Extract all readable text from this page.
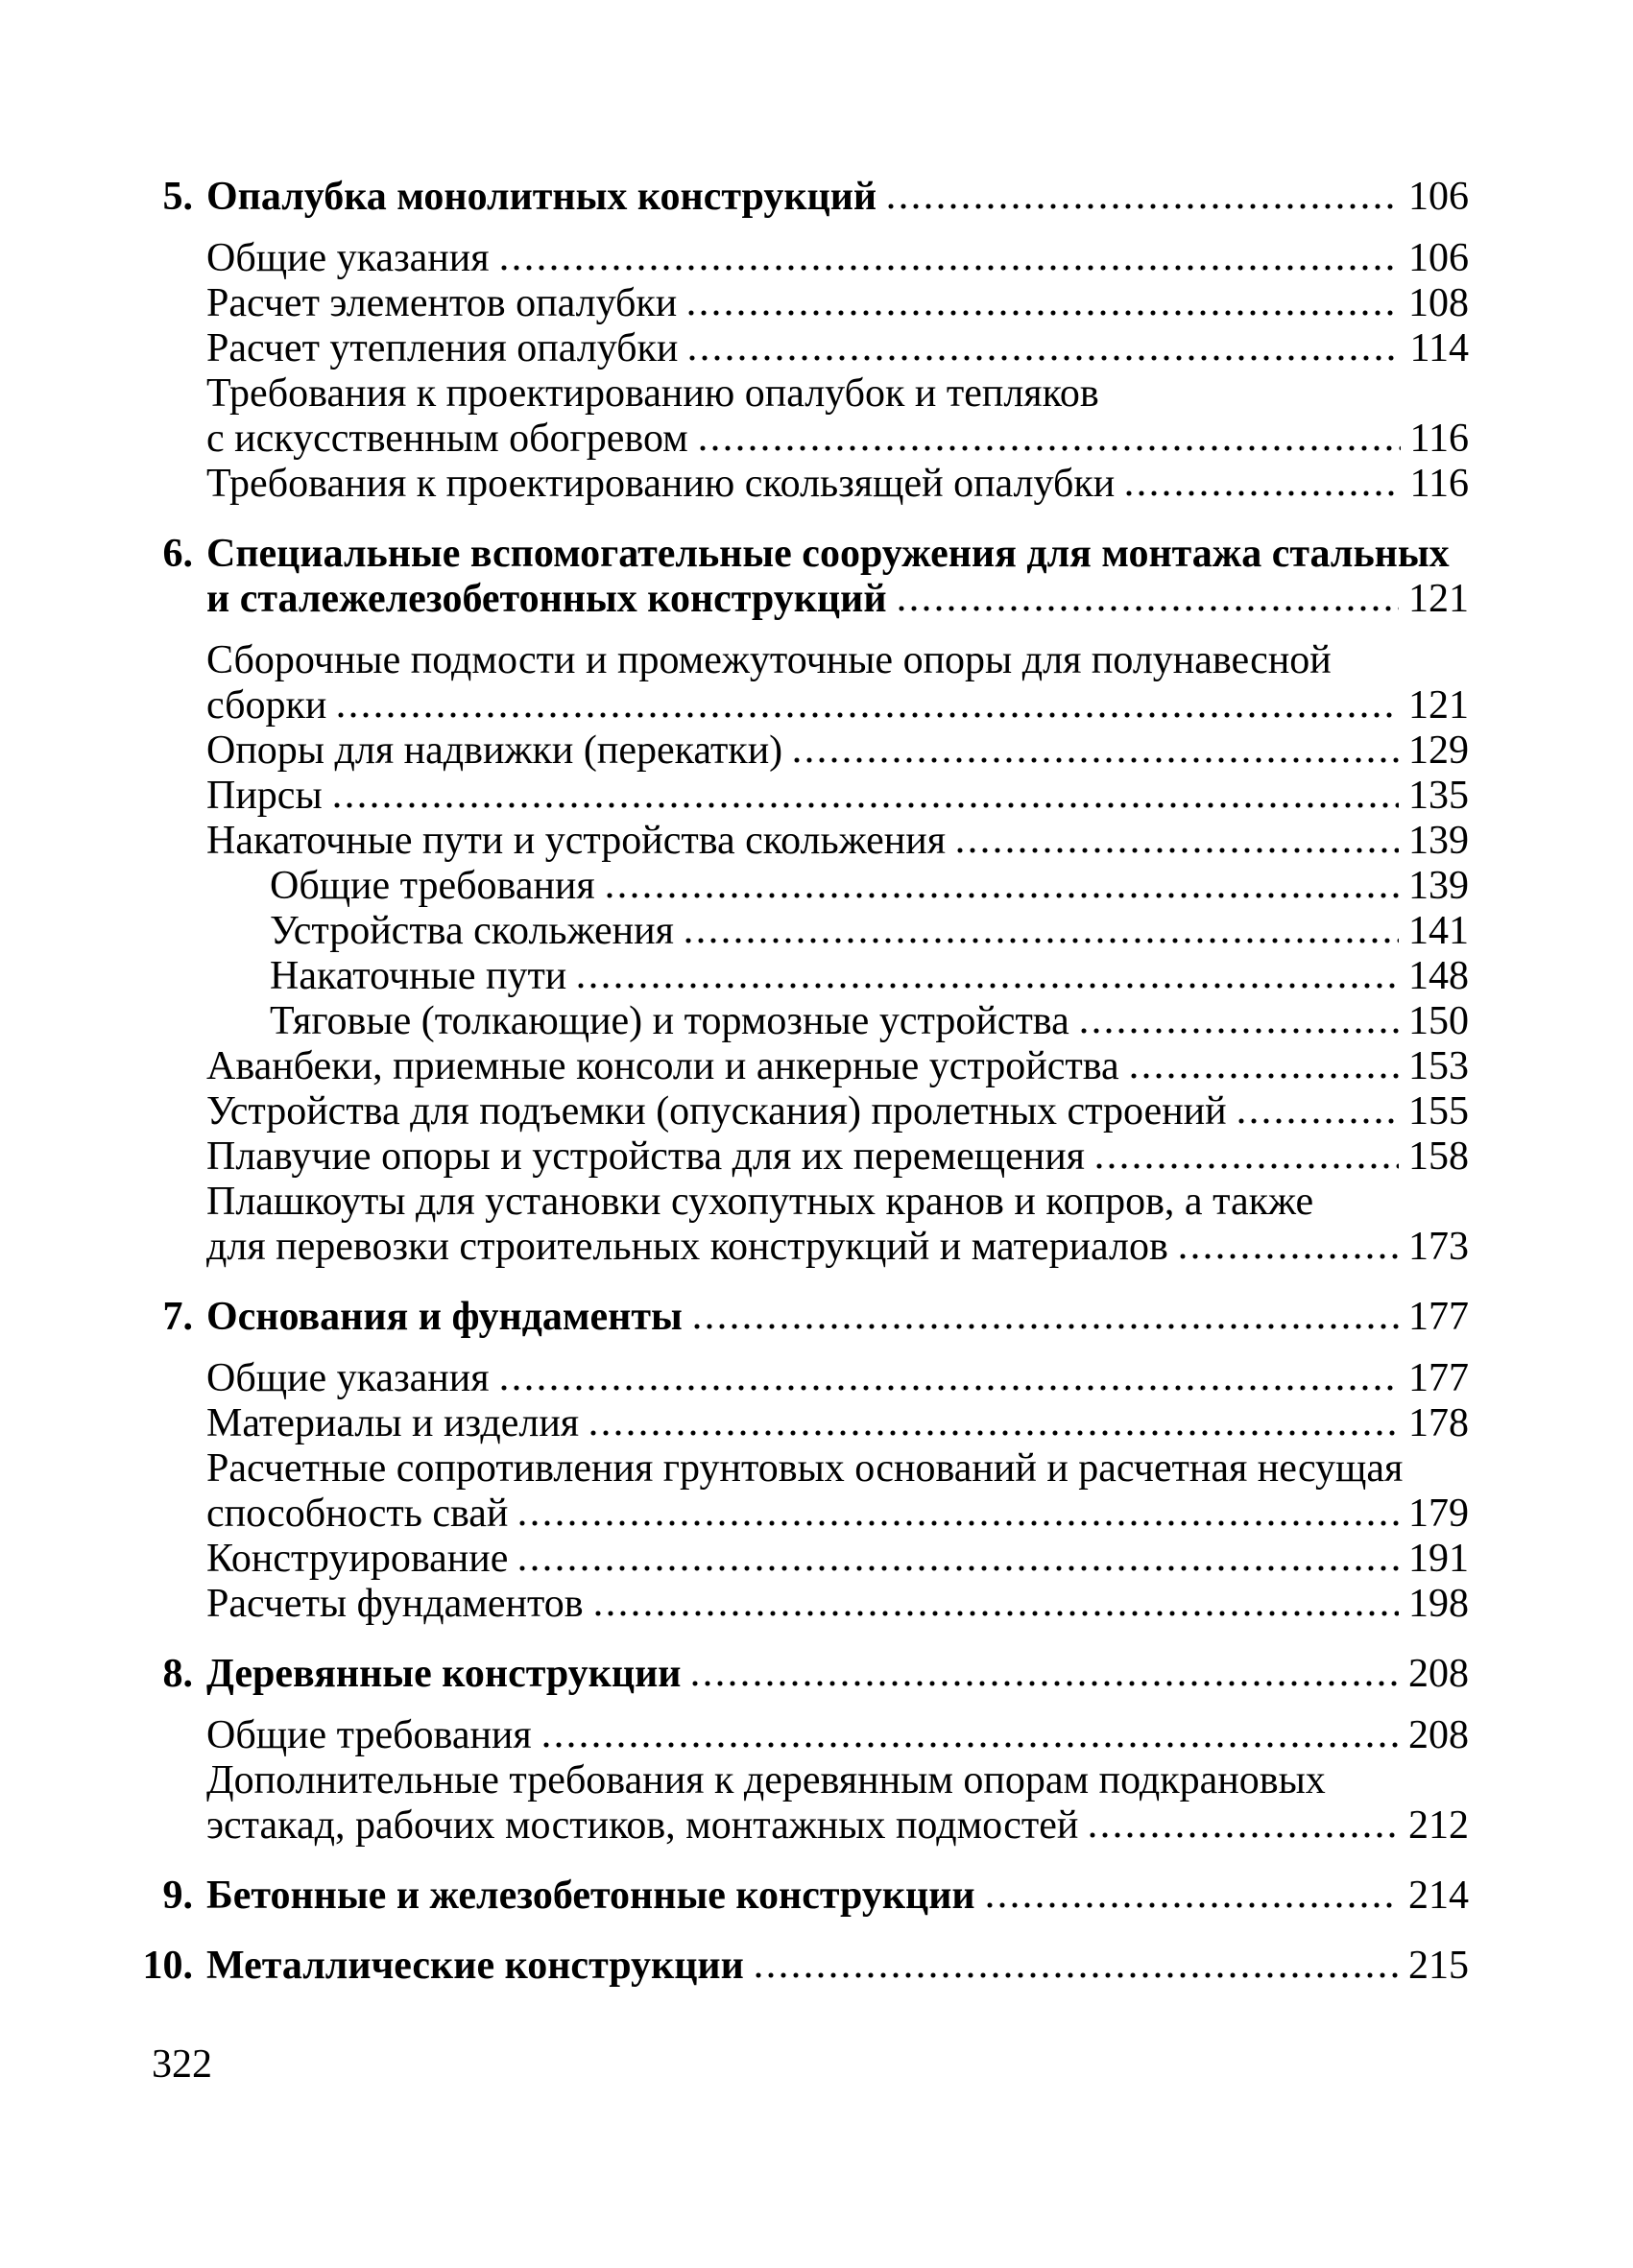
5. Опалубка монолитных конструкций	106
Общие указания	106
Расчет элементов опалубки	108
Расчет утепления опалубки	114
Требования к проектированию опалубок и тепляков
с искусственным обогревом	116
Требования к проектированию скользящей опалубки	116
6. Специальные вспомогательные сооружения для монтажа стальных
и сталежелезобетонных конструкций	121
Сборочные подмости и промежуточные опоры для полунавесной
сборки	121
Опоры для надвижки (перекатки)	129
Пирсы	135
Накаточные пути и устройства скольжения	139
Общие требования	139
Устройства скольжения	141
Накаточные пути	148
Тяговые (толкающие) и тормозные устройства	150
Аванбеки, приемные консоли и анкерные устройства	153
Устройства для подъемки (опускания) пролетных строений	155
Плавучие опоры и устройства для их перемещения	158
Плашкоуты для установки сухопутных кранов и копров, а также
для перевозки строительных конструкций и материалов	173
7. Основания и фундаменты	177
Общие указания	177
Материалы и изделия	178
Расчетные сопротивления грунтовых оснований и расчетная несущая
способность свай	179
Конструирование	191
Расчеты фундаментов	198
8. Деревянные конструкции	208
Общие требования	208
Дополнительные требования к деревянным опорам подкрановых
эстакад, рабочих мостиков, монтажных подмостей	212
9. Бетонные и железобетонные конструкции	214
10. Металлические конструкции	215
322
